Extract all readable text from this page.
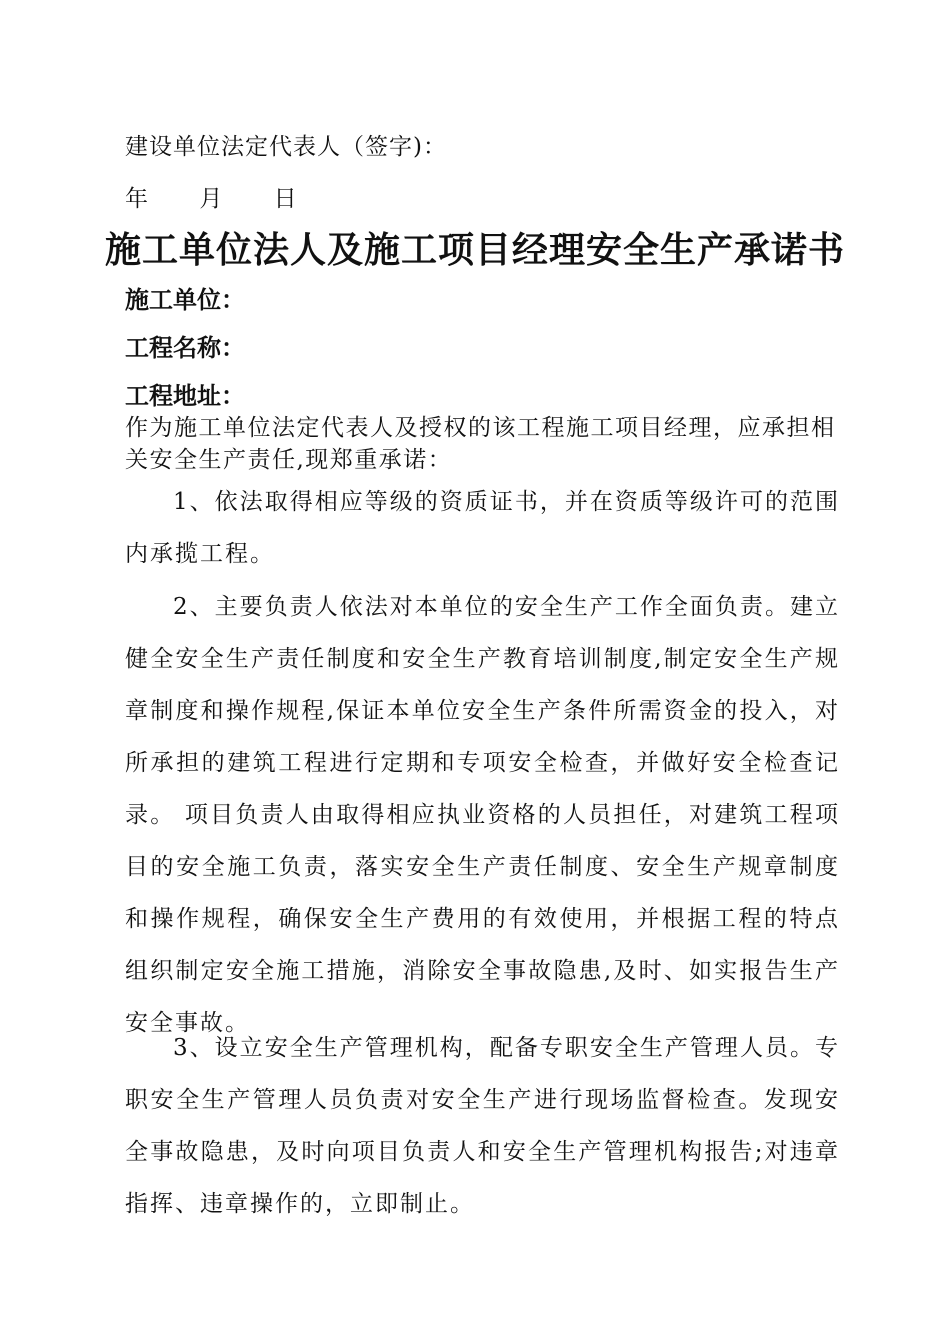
建设单位法定代表人（签字)：
年 月 日
施工单位法人及施工项目经理安全生产承诺书
施工单位：
工程名称：
工程地址：
作为施工单位法定代表人及授权的该工程施工项目经理，应承担相关安全生产责任,现郑重承诺：
1、依法取得相应等级的资质证书，并在资质等级许可的范围内承揽工程。
2、主要负责人依法对本单位的安全生产工作全面负责。建立健全安全生产责任制度和安全生产教育培训制度,制定安全生产规章制度和操作规程,保证本单位安全生产条件所需资金的投入，对所承担的建筑工程进行定期和专项安全检查，并做好安全检查记录。 项目负责人由取得相应执业资格的人员担任，对建筑工程项目的安全施工负责，落实安全生产责任制度、安全生产规章制度和操作规程，确保安全生产费用的有效使用，并根据工程的特点组织制定安全施工措施，消除安全事故隐患,及时、如实报告生产安全事故。
3、设立安全生产管理机构，配备专职安全生产管理人员。专职安全生产管理人员负责对安全生产进行现场监督检查。发现安全事故隐患，及时向项目负责人和安全生产管理机构报告;对违章指挥、违章操作的，立即制止。
